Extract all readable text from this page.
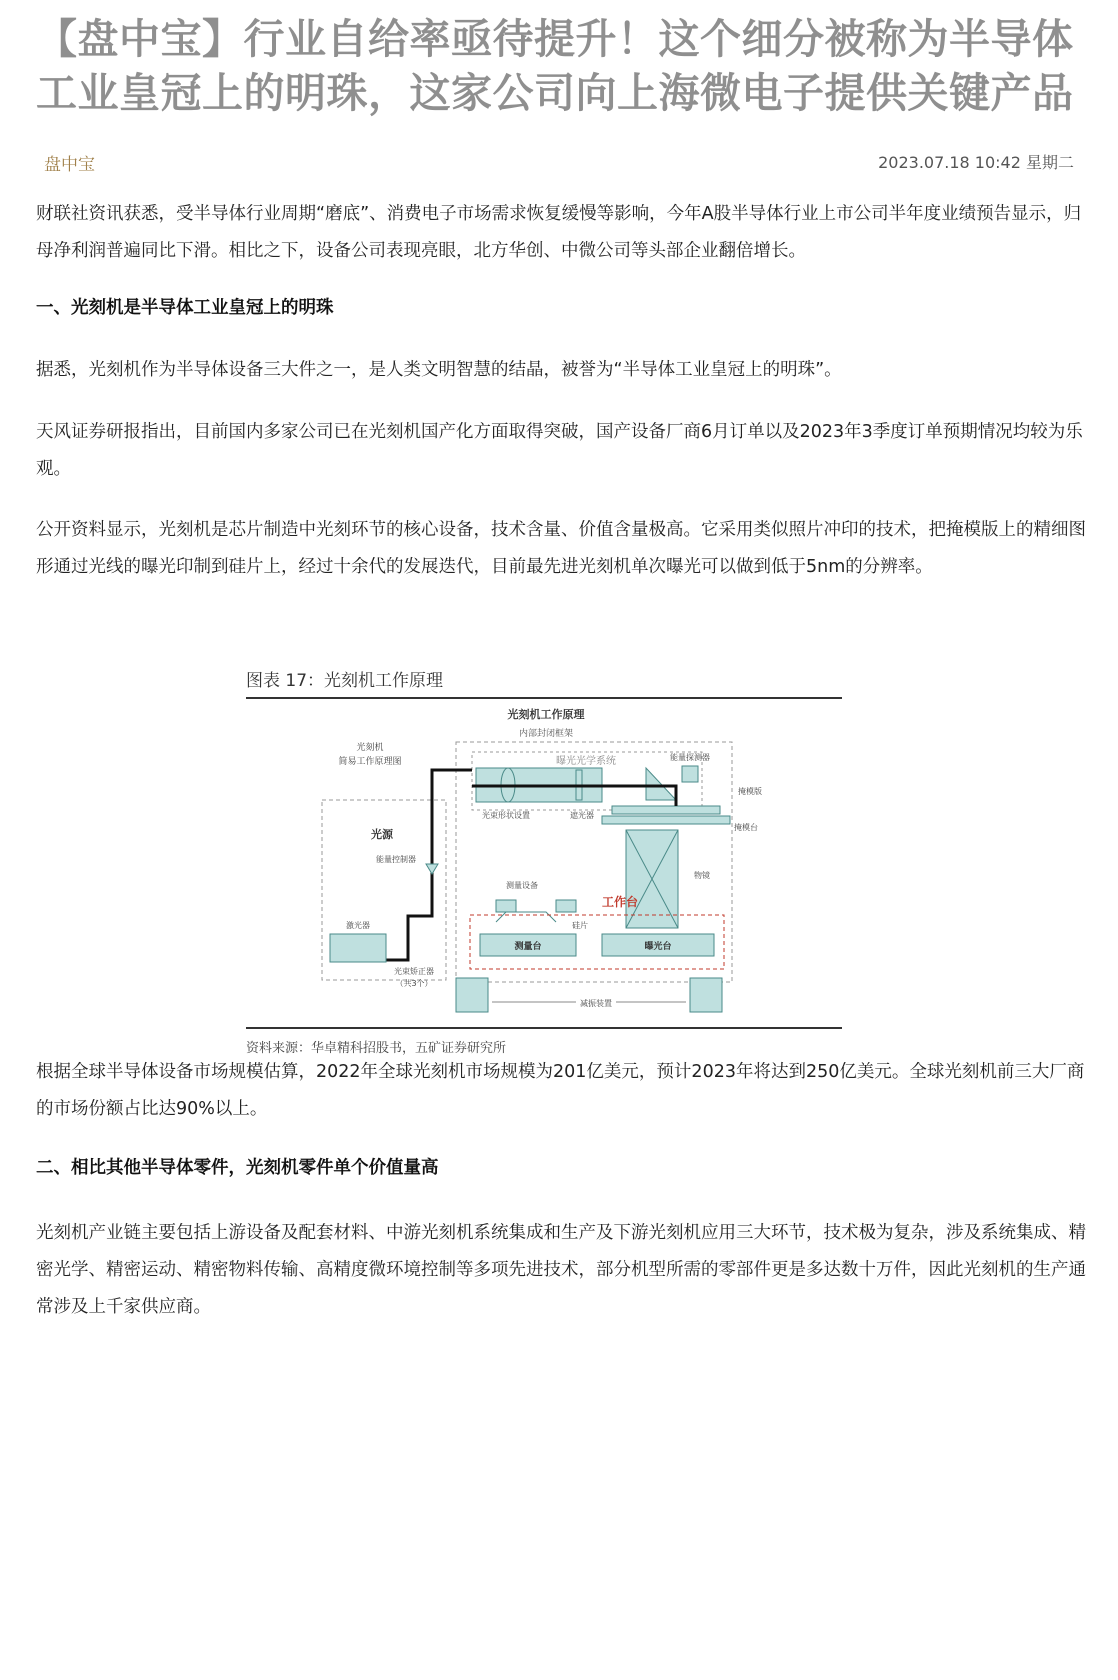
【盘中宝】行业自给率亟待提升！这个细分被称为半导体工业皇冠上的明珠，这家公司向上海微电子提供关键产品
盘中宝	2023.07.18 10:42 星期二

财联社资讯获悉，受半导体行业周期“磨底”、消费电子市场需求恢复缓慢等影响，今年A股半导体行业上市公司半年度业绩预告显示，归母净利润普遍同比下滑。相比之下，设备公司表现亮眼，北方华创、中微公司等头部企业翻倍增长。

一、光刻机是半导体工业皇冠上的明珠

据悉，光刻机作为半导体设备三大件之一，是人类文明智慧的结晶，被誉为“半导体工业皇冠上的明珠”。

天风证券研报指出，目前国内多家公司已在光刻机国产化方面取得突破，国产设备厂商6月订单以及2023年3季度订单预期情况均较为乐观。

公开资料显示，光刻机是芯片制造中光刻环节的核心设备，技术含量、价值含量极高。它采用类似照片冲印的技术，把掩模版上的精细图形通过光线的曝光印制到硅片上，经过十余代的发展迭代，目前最先进光刻机单次曝光可以做到低于5nm的分辨率。

图表 17：光刻机工作原理
光刻机工作原理
内部封闭框架
光刻机
简易工作原理图	曝光光学系统
光束形状设置	遮光器
能量探测器
掩模版
掩模台
物镜
光源
能量控制器
激光器
光束矫正器
（共3个）
测量设备
工作台
硅片
测量台	曝光台
减振装置
资料来源：华卓精科招股书，五矿证券研究所

根据全球半导体设备市场规模估算，2022年全球光刻机市场规模为201亿美元，预计2023年将达到250亿美元。全球光刻机前三大厂商的市场份额占比达90%以上。

二、相比其他半导体零件，光刻机零件单个价值量高

光刻机产业链主要包括上游设备及配套材料、中游光刻机系统集成和生产及下游光刻机应用三大环节，技术极为复杂，涉及系统集成、精密光学、精密运动、精密物料传输、高精度微环境控制等多项先进技术，部分机型所需的零部件更是多达数十万件，因此光刻机的生产通常涉及上千家供应商。
